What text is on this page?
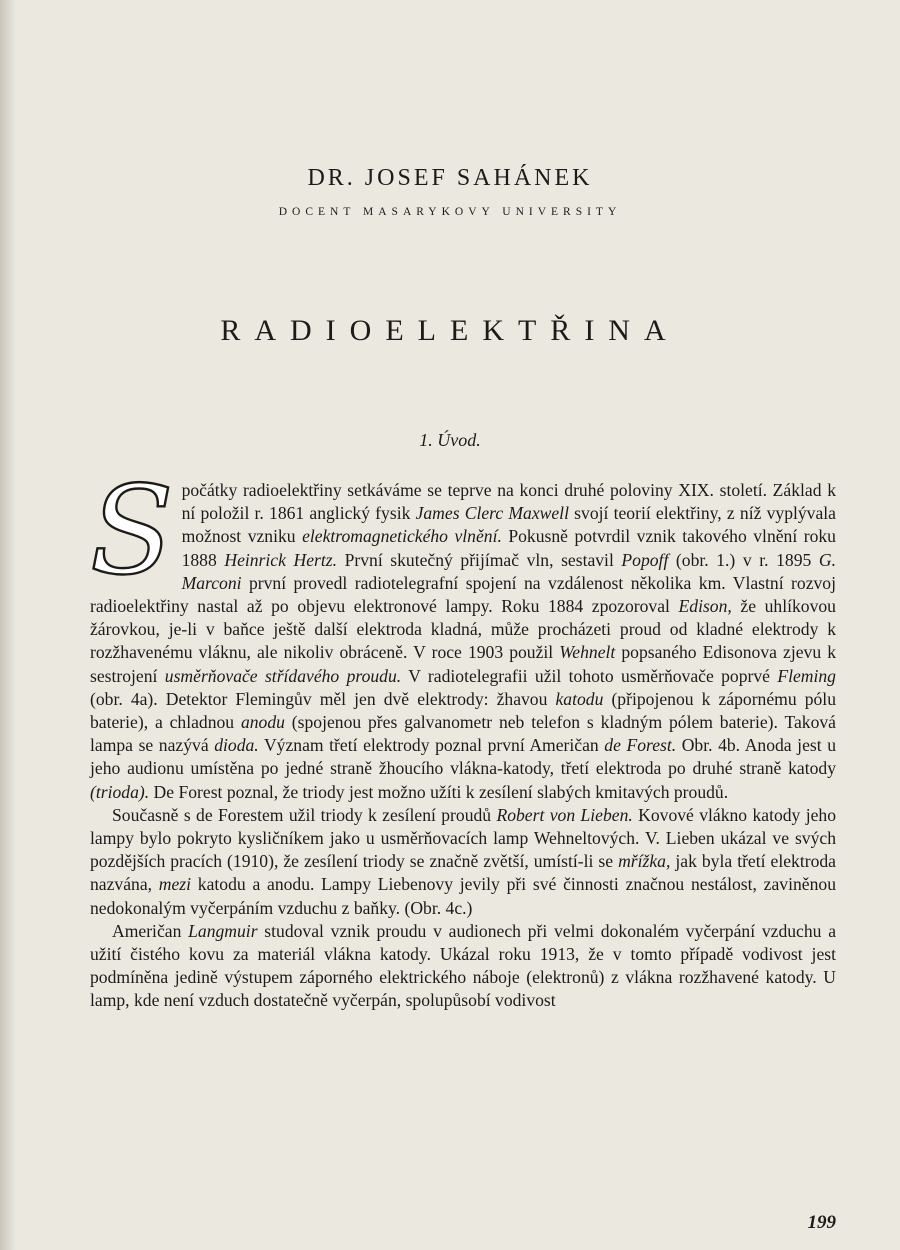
DR. JOSEF SAHÁNEK
DOCENT MASARYKOVY UNIVERSITY
RADIOELEKTŘINA
1. Úvod.

Spočátky radioelektřiny setkáváme se teprve na konci druhé poloviny XIX. století. Základ k ní položil r. 1861 anglický fysik James Clerc Maxwell svojí teorií elektřiny, z níž vyplývala možnost vzniku elektromagnetického vlnění. Pokusně potvrdil vznik takového vlnění roku 1888 Heinrick Hertz. První skutečný přijímač vln, sestavil Popoff (obr. 1.) v r. 1895 G. Marconi první provedl radiotelegrafní spojení na vzdálenost několika km. Vlastní rozvoj radioelektřiny nastal až po objevu elektronové lampy. Roku 1884 zpozoroval Edison, že uhlíkovou žárovkou, je-li v baňce ještě další elektroda kladná, může procházeti proud od kladné elektrody k rozžhavenému vláknu, ale nikoliv obráceně. V roce 1903 použil Wehnelt popsaného Edisonova zjevu k sestrojení usměrňovače střídavého proudu. V radiotelegrafii užil tohoto usměrňovače poprvé Fleming (obr. 4a). Detektor Flemingův měl jen dvě elektrody: žhavou katodu (připojenou k zápornému pólu baterie), a chladnou anodu (spojenou přes galvanometr neb telefon s kladným pólem baterie). Taková lampa se nazývá dioda. Význam třetí elektrody poznal první Američan de Forest. Obr. 4b. Anoda jest u jeho audionu umístěna po jedné straně žhoucího vlákna-katody, třetí elektroda po druhé straně katody (trioda). De Forest poznal, že triody jest možno užíti k zesílení slabých kmitavých proudů.

Současně s de Forestem užil triody k zesílení proudů Robert von Lieben. Kovové vlákno katody jeho lampy bylo pokryto kysličníkem jako u usměrňovacích lamp Wehneltových. V. Lieben ukázal ve svých pozdějších pracích (1910), že zesílení triody se značně zvětší, umístí-li se mřížka, jak byla třetí elektroda nazvána, mezi katodu a anodu. Lampy Liebenovy jevily při své činnosti značnou nestálost, zaviněnou nedokonalým vyčerpáním vzduchu z baňky. (Obr. 4c.)

Američan Langmuir studoval vznik proudu v audionech při velmi dokonalém vyčerpání vzduchu a užití čistého kovu za materiál vlákna katody. Ukázal roku 1913, že v tomto případě vodivost jest podmíněna jedině výstupem záporného elektrického náboje (elektronů) z vlákna rozžhavené katody. U lamp, kde není vzduch dostatečně vyčerpán, spolupůsobí vodivost

199
